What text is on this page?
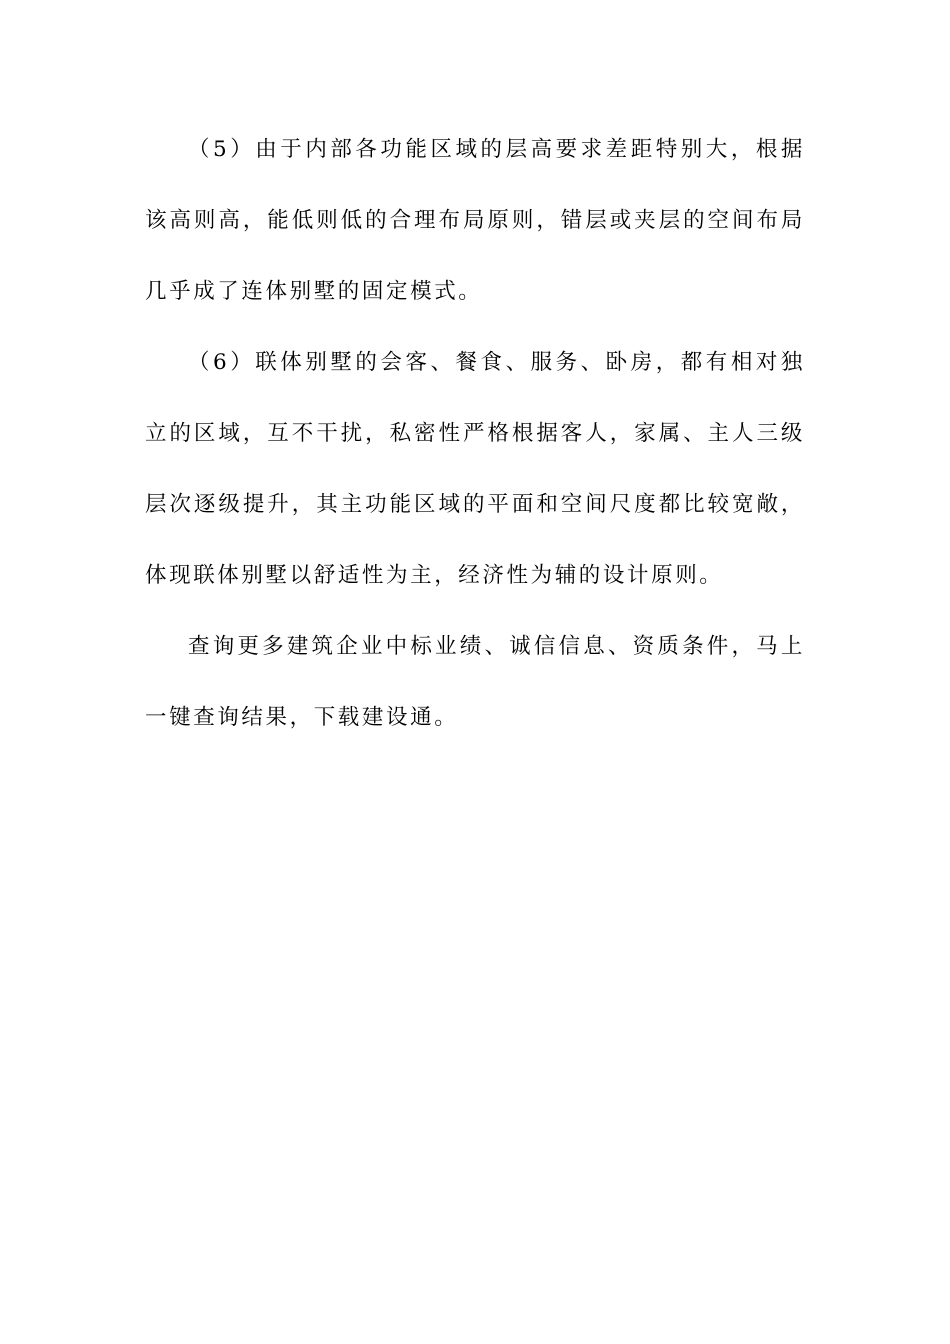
（5）由于内部各功能区域的层高要求差距特别大，根据该高则高，能低则低的合理布局原则，错层或夹层的空间布局几乎成了连体别墅的固定模式。

（6）联体别墅的会客、餐食、服务、卧房，都有相对独立的区域，互不干扰，私密性严格根据客人，家属、主人三级层次逐级提升，其主功能区域的平面和空间尺度都比较宽敞，体现联体别墅以舒适性为主，经济性为辅的设计原则。

查询更多建筑企业中标业绩、诚信信息、资质条件，马上一键查询结果，下载建设通。
